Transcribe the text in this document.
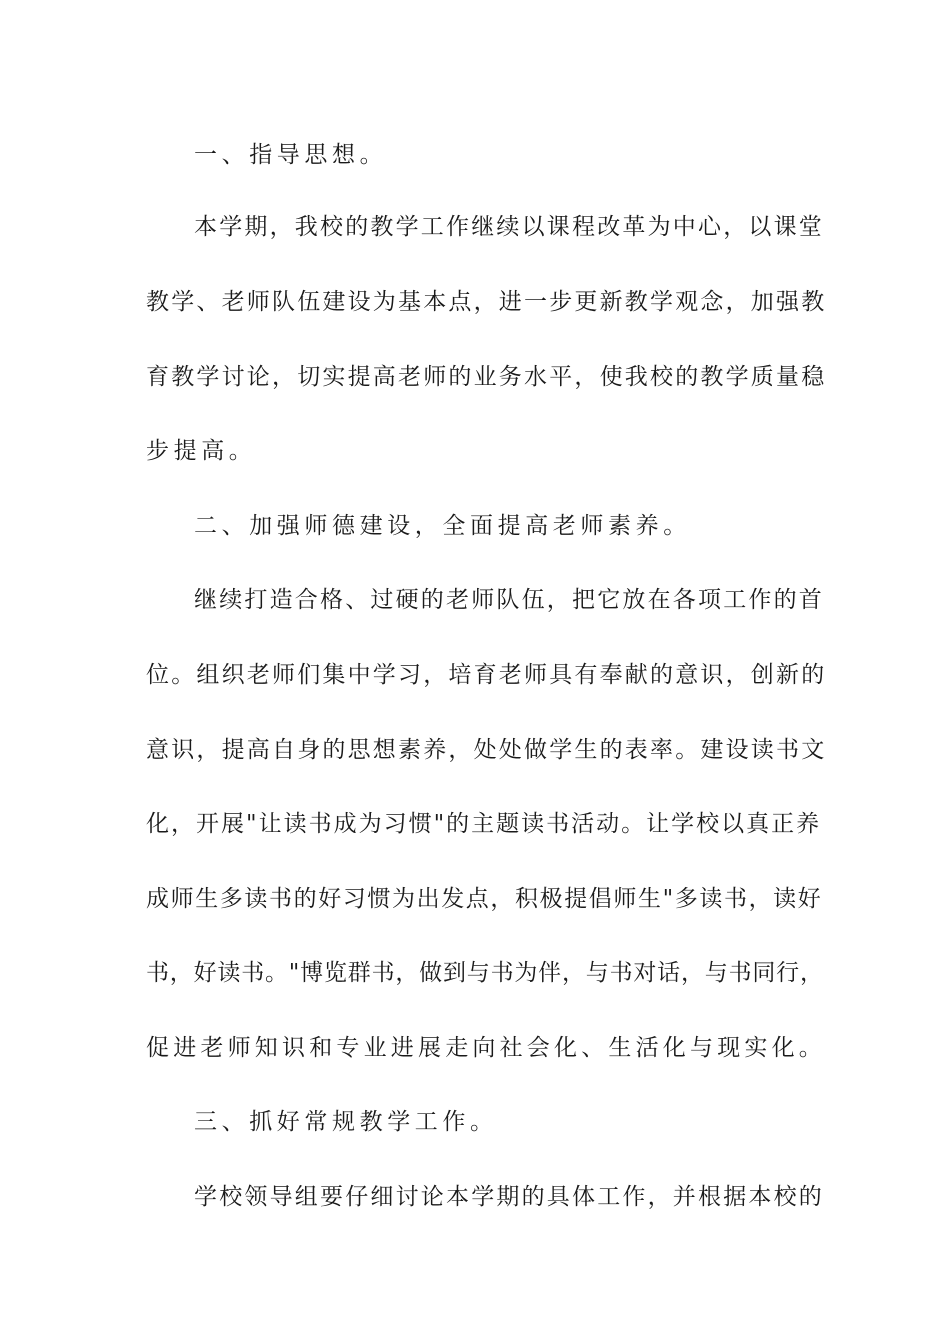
一、指导思想。
本学期，我校的教学工作继续以课程改革为中心，以课堂
教学、老师队伍建设为基本点，进一步更新教学观念，加强教
育教学讨论，切实提高老师的业务水平，使我校的教学质量稳
步提高。
二、加强师德建设，全面提高老师素养。
继续打造合格、过硬的老师队伍，把它放在各项工作的首
位。组织老师们集中学习，培育老师具有奉献的意识，创新的
意识，提高自身的思想素养，处处做学生的表率。建设读书文
化，开展"让读书成为习惯"的主题读书活动。让学校以真正养
成师生多读书的好习惯为出发点，积极提倡师生"多读书，读好
书，好读书。"博览群书，做到与书为伴，与书对话，与书同行，
促进老师知识和专业进展走向社会化、生活化与现实化。
三、抓好常规教学工作。
学校领导组要仔细讨论本学期的具体工作，并根据本校的
